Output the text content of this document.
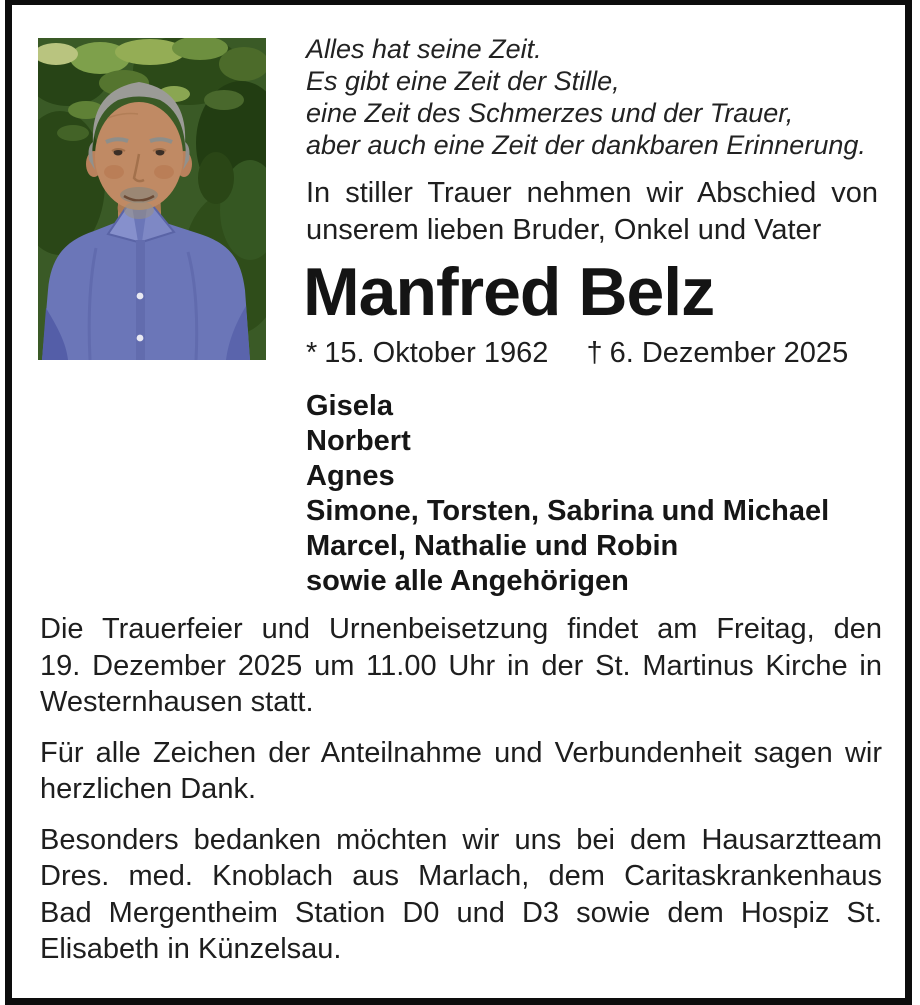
Alles hat seine Zeit.
Es gibt eine Zeit der Stille,
eine Zeit des Schmerzes und der Trauer,
aber auch eine Zeit der dankbaren Erinnerung.
In stiller Trauer nehmen wir Abschied von
unserem lieben Bruder, Onkel und Vater
Manfred Belz
* 15. Oktober 1962 † 6. Dezember 2025
Gisela
Norbert
Agnes
Simone, Torsten, Sabrina und Michael
Marcel, Nathalie und Robin
sowie alle Angehörigen
Die Trauerfeier und Urnenbeisetzung findet am Freitag, den
19. Dezember 2025 um 11.00 Uhr in der St. Martinus Kirche in
Westernhausen statt.
Für alle Zeichen der Anteilnahme und Verbundenheit sagen wir
herzlichen Dank.
Besonders bedanken möchten wir uns bei dem Hausarztteam
Dres. med. Knoblach aus Marlach, dem Caritaskrankenhaus
Bad Mergentheim Station D0 und D3 sowie dem Hospiz St.
Elisabeth in Künzelsau.
